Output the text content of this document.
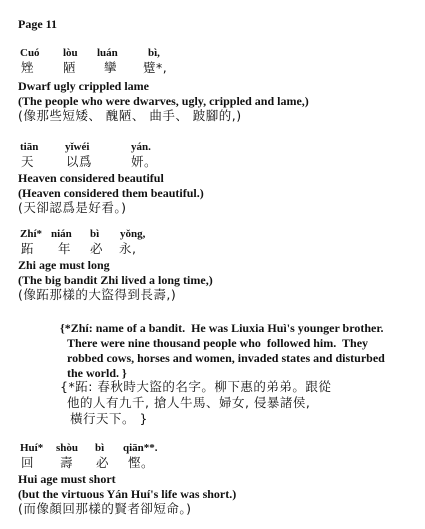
Page 11
Cuó lòu luán	bì,
矬 陋 攣 躄*,
Dwarf ugly crippled lame
(The people who were dwarves, ugly, crippled and lame,)
(像那些短矮、 醜陋、 曲手、 跛腳的,)
tiān yǐwéi	yán.
天	以爲	妍。
Heaven considered beautiful
(Heaven considered them beautiful.)
(天卻認爲是好看。)
Zhí* nián bì yǒng,
跖 年 必 永,
Zhi age must long
(The big bandit Zhi lived a long time,)
(像跖那樣的大盜得到長壽,)
{*Zhí: name of a bandit.  He was Liuxia Huì's younger brother.
There were nine thousand people who  followed him.  They
robbed cows, horses and women, invaded states and disturbed
the world. }
{*跖: 春秋時大盜的名字。柳下惠的弟弟。跟從
他的人有九千, 搶人牛馬、婦女, 侵暴諸侯,
橫行天下。 }
Huí* shòu bì qiān**.
回 壽 必 慳。
Hui age must short
(but the virtuous Yán Huí's life was short.)
(而像顏回那樣的賢者卻短命。)
